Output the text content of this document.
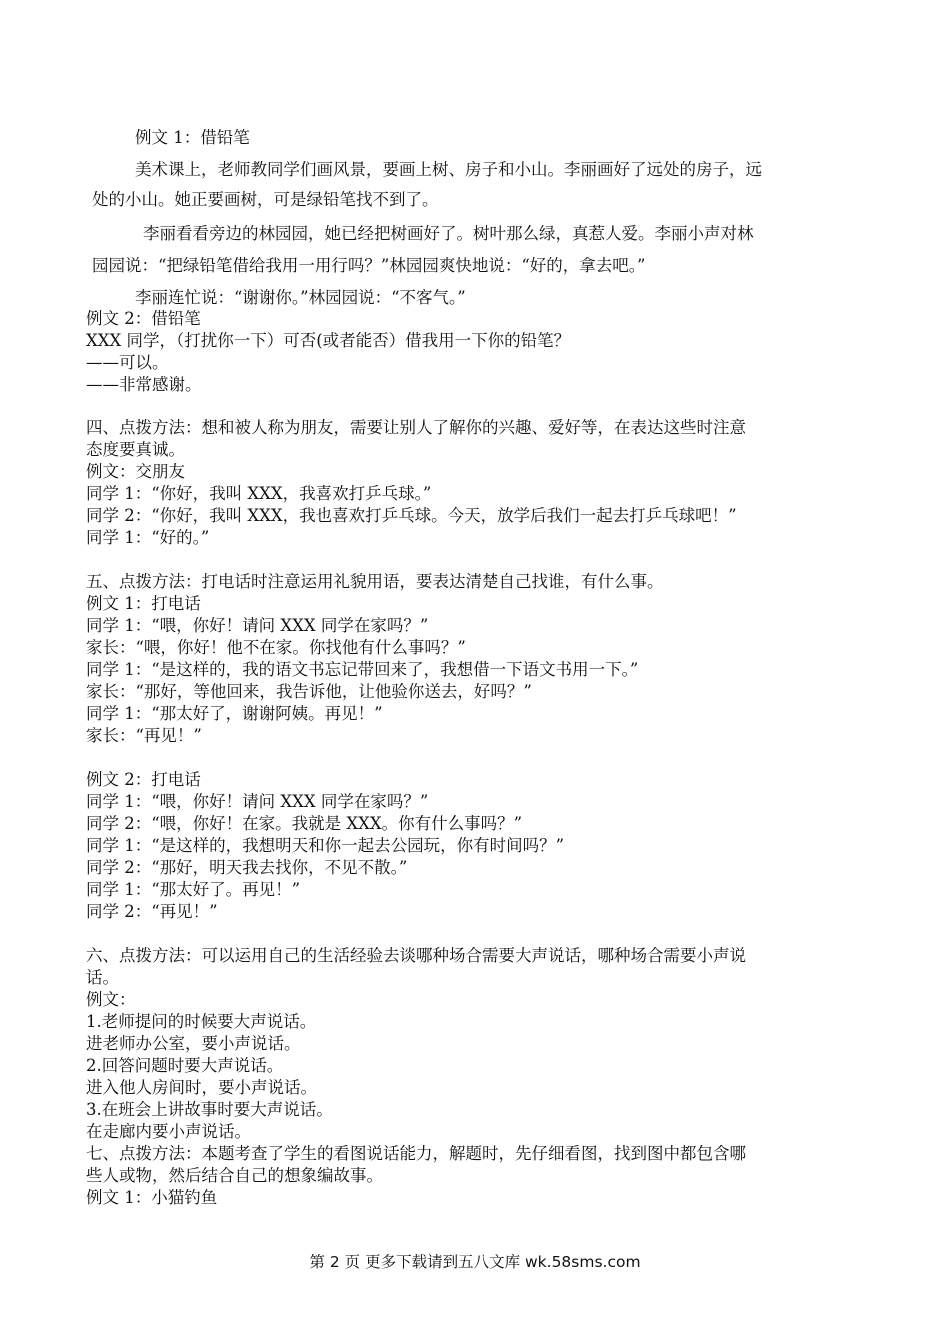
例文 1：借铅笔
美术课上，老师教同学们画风景，要画上树、房子和小山。李丽画好了远处的房子，远
处的小山。她正要画树，可是绿铅笔找不到了。
李丽看看旁边的林园园，她已经把树画好了。树叶那么绿，真惹人爱。李丽小声对林
园园说：“把绿铅笔借给我用一用行吗？”林园园爽快地说：“好的，拿去吧。”
李丽连忙说：“谢谢你。”林园园说：“不客气。”
例文 2：借铅笔
XXX 同学，（打扰你一下）可否(或者能否）借我用一下你的铅笔？
——可以。
——非常感谢。
四、点拨方法：想和被人称为朋友，需要让别人了解你的兴趣、爱好等，在表达这些时注意
态度要真诚。
例文：交朋友
同学 1：“你好，我叫 XXX，我喜欢打乒乓球。”
同学 2：“你好，我叫 XXX，我也喜欢打乒乓球。今天，放学后我们一起去打乒乓球吧！”
同学 1：“好的。”
五、点拨方法：打电话时注意运用礼貌用语，要表达清楚自己找谁，有什么事。
例文 1：打电话
同学 1：“喂，你好！请问 XXX 同学在家吗？”
家长：“喂，你好！他不在家。你找他有什么事吗？”
同学 1：“是这样的，我的语文书忘记带回来了，我想借一下语文书用一下。”
家长：“那好，等他回来，我告诉他，让他验你送去，好吗？”
同学 1：“那太好了，谢谢阿姨。再见！”
家长：“再见！”
例文 2：打电话
同学 1：“喂，你好！请问 XXX 同学在家吗？”
同学 2：“喂，你好！在家。我就是 XXX。你有什么事吗？”
同学 1：“是这样的，我想明天和你一起去公园玩，你有时间吗？”
同学 2：“那好，明天我去找你，不见不散。”
同学 1：“那太好了。再见！”
同学 2：“再见！”
六、点拨方法：可以运用自己的生活经验去谈哪种场合需要大声说话，哪种场合需要小声说
话。
例文：
1.老师提问的时候要大声说话。
进老师办公室，要小声说话。
2.回答问题时要大声说话。
进入他人房间时，要小声说话。
3.在班会上讲故事时要大声说话。
在走廊内要小声说话。
七、点拨方法：本题考查了学生的看图说话能力，解题时，先仔细看图，找到图中都包含哪
些人或物，然后结合自己的想象编故事。
例文 1：小猫钓鱼
第 2 页 更多下载请到五八文库 wk.58sms.com
